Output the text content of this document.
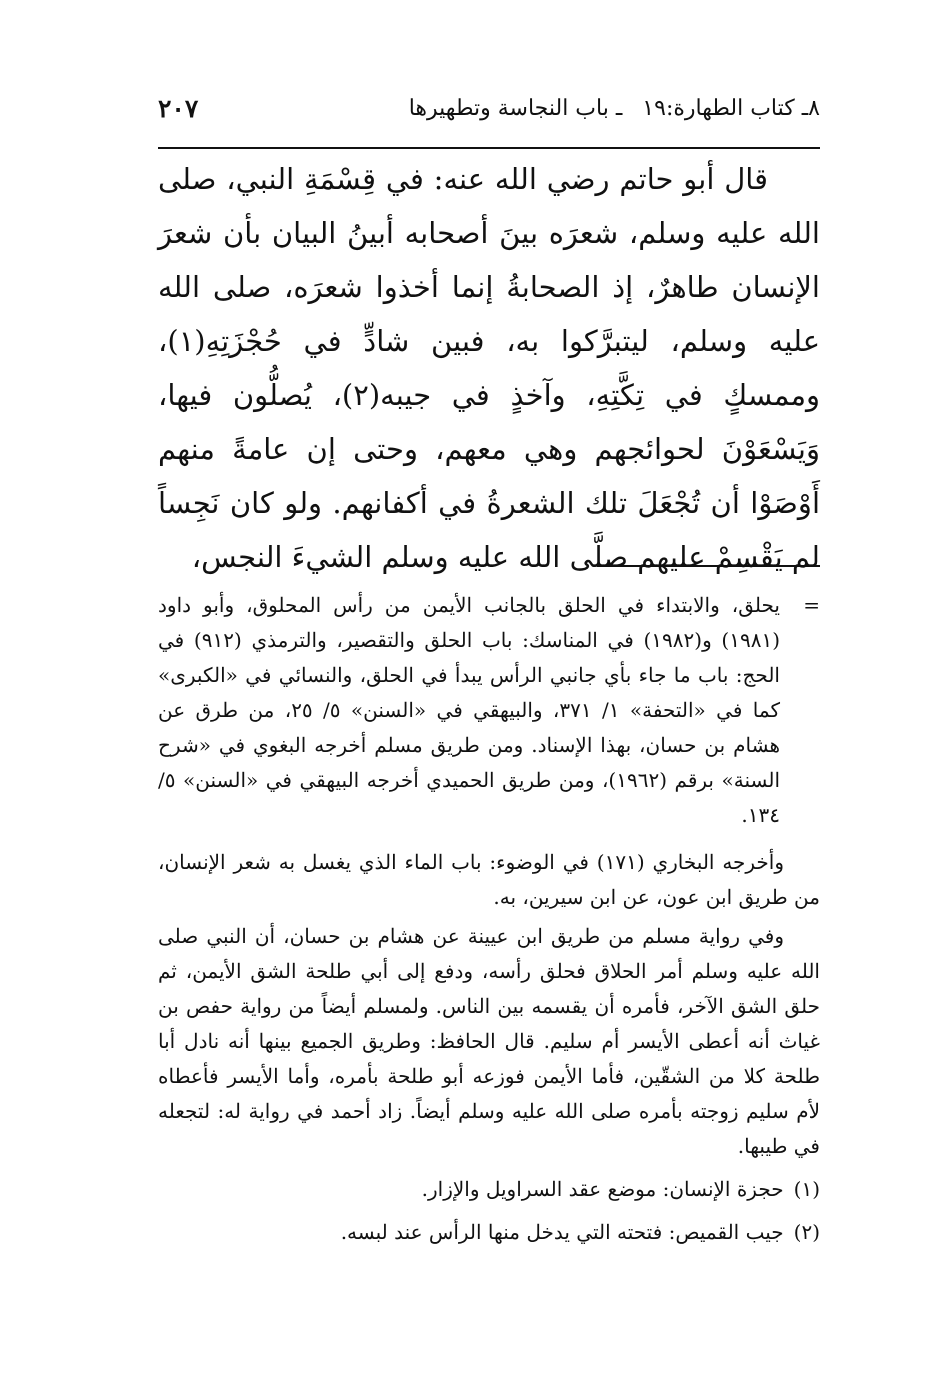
٨ـ كتاب الطهارة:١٩ـ باب النجاسة وتطهيرها
٢٠٧

قال أبو حاتم رضي الله عنه: في قِسْمَةِ النبي، صلى الله عليه وسلم، شعرَه بينَ أصحابه أبينُ البيان بأن شعرَ الإنسان طاهرٌ، إذ الصحابةُ إنما أخذوا شعرَه، صلى الله عليه وسلم، ليتبرَّكوا به، فبين شادٍّ في حُجْزَتِهِ(١)، وممسكٍ في تِكَّتِهِ، وآخذٍ في جيبه(٢)، يُصلُّون فيها، وَيَسْعَوْنَ لحوائجهم وهي معهم، وحتى إن عامةً منهم أَوْصَوْا أن تُجْعَلَ تلك الشعرةُ في أكفانهم. ولو كان نَجِساً لم يَقْسِمْ عليهم صلَّى الله عليه وسلم الشيءَ النجس،

=
يحلق، والابتداء في الحلق بالجانب الأيمن من رأس المحلوق، وأبو داود (١٩٨١) و(١٩٨٢) في المناسك: باب الحلق والتقصير، والترمذي (٩١٢) في الحج: باب ما جاء بأي جانبي الرأس يبدأ في الحلق، والنسائي في «الكبرى» كما في «التحفة» ١/ ٣٧١، والبيهقي في «السنن» ٥/ ٢٥، من طرق عن هشام بن حسان، بهذا الإسناد. ومن طريق مسلم أخرجه البغوي في «شرح السنة» برقم (١٩٦٢)، ومن طريق الحميدي أخرجه البيهقي في «السنن» ٥/ ١٣٤.

وأخرجه البخاري (١٧١) في الوضوء: باب الماء الذي يغسل به شعر الإنسان، من طريق ابن عون، عن ابن سيرين، به.

وفي رواية مسلم من طريق ابن عيينة عن هشام بن حسان، أن النبي صلى الله عليه وسلم أمر الحلاق فحلق رأسه، ودفع إلى أبي طلحة الشق الأيمن، ثم حلق الشق الآخر، فأمره أن يقسمه بين الناس. ولمسلم أيضاً من رواية حفص بن غياث أنه أعطى الأيسر أم سليم. قال الحافظ: وطريق الجميع بينها أنه نادل أبا طلحة كلا من الشقّين، فأما الأيمن فوزعه أبو طلحة بأمره، وأما الأيسر فأعطاه لأم سليم زوجته بأمره صلى الله عليه وسلم أيضاً. زاد أحمد في رواية له: لتجعله في طيبها.

(١)حجزة الإنسان: موضع عقد السراويل والإزار.

(٢)جيب القميص: فتحته التي يدخل منها الرأس عند لبسه.
